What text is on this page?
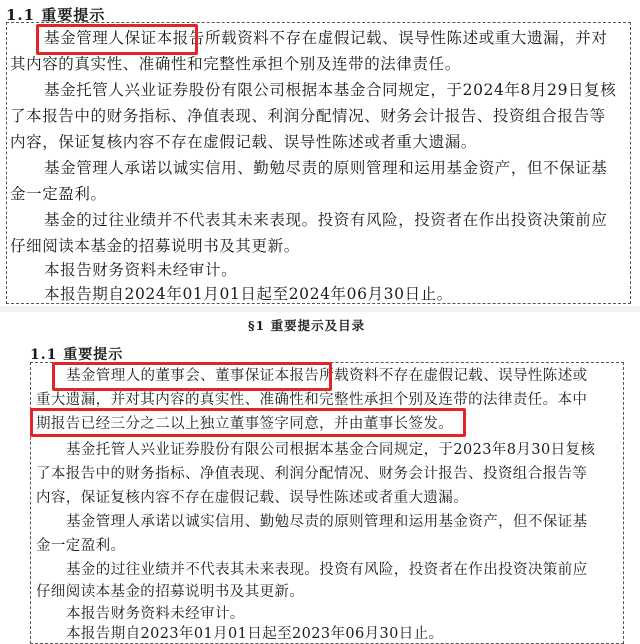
1.1 重要提示
基金管理人保证本报告所载资料不存在虚假记载、误导性陈述或重大遗漏，并对
其内容的真实性、准确性和完整性承担个别及连带的法律责任。
基金托管人兴业证券股份有限公司根据本基金合同规定，于2024年8月29日复核
了本报告中的财务指标、净值表现、利润分配情况、财务会计报告、投资组合报告等
内容，保证复核内容不存在虚假记载、误导性陈述或者重大遗漏。
基金管理人承诺以诚实信用、勤勉尽责的原则管理和运用基金资产，但不保证基
金一定盈利。
基金的过往业绩并不代表其未来表现。投资有风险，投资者在作出投资决策前应
仔细阅读本基金的招募说明书及其更新。
本报告财务资料未经审计。
本报告期自2024年01月01日起至2024年06月30日止。
§1 重要提示及目录
1.1 重要提示
基金管理人的董事会、董事保证本报告所载资料不存在虚假记载、误导性陈述或
重大遗漏，并对其内容的真实性、准确性和完整性承担个别及连带的法律责任。本中
期报告已经三分之二以上独立董事签字同意，并由董事长签发。
基金托管人兴业证券股份有限公司根据本基金合同规定，于2023年8月30日复核
了本报告中的财务指标、净值表现、利润分配情况、财务会计报告、投资组合报告等
内容，保证复核内容不存在虚假记载、误导性陈述或者重大遗漏。
基金管理人承诺以诚实信用、勤勉尽责的原则管理和运用基金资产，但不保证基
金一定盈利。
基金的过往业绩并不代表其未来表现。投资有风险，投资者在作出投资决策前应
仔细阅读本基金的招募说明书及其更新。
本报告财务资料未经审计。
本报告期自2023年01月01日起至2023年06月30日止。
